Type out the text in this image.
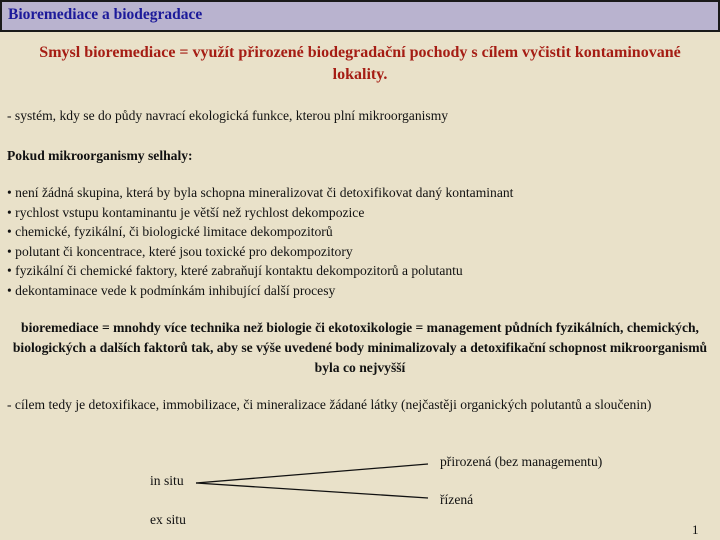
Bioremediace a biodegradace
Smysl bioremediace = využít přirozené biodegradační pochody s cílem vyčistit kontaminované lokality.
- systém, kdy se do půdy navrací ekologická funkce, kterou plní mikroorganismy
Pokud mikroorganismy selhaly:
• není žádná skupina, která by byla schopna mineralizovat či detoxifikovat daný kontaminant
• rychlost vstupu kontaminantu je větší než rychlost dekompozice
• chemické, fyzikální, či biologické limitace dekompozitorů
• polutant či koncentrace, které jsou toxické pro dekompozitory
• fyzikální či chemické faktory, které zabraňují kontaktu dekompozitorů a polutantu
• dekontaminace vede k podmínkám inhibující další procesy
bioremediace = mnohdy více technika než biologie či ekotoxikologie = management půdních fyzikálních, chemických, biologických a dalších faktorů tak, aby se výše uvedené body minimalizovaly a detoxifikační schopnost mikroorganismů byla co nejvyšší
- cílem tedy je detoxifikace, immobilizace, či mineralizace žádané látky (nejčastěji organických polutantů a sloučenin)
in situ
ex situ
přirozená (bez managementu)
řízená
1
